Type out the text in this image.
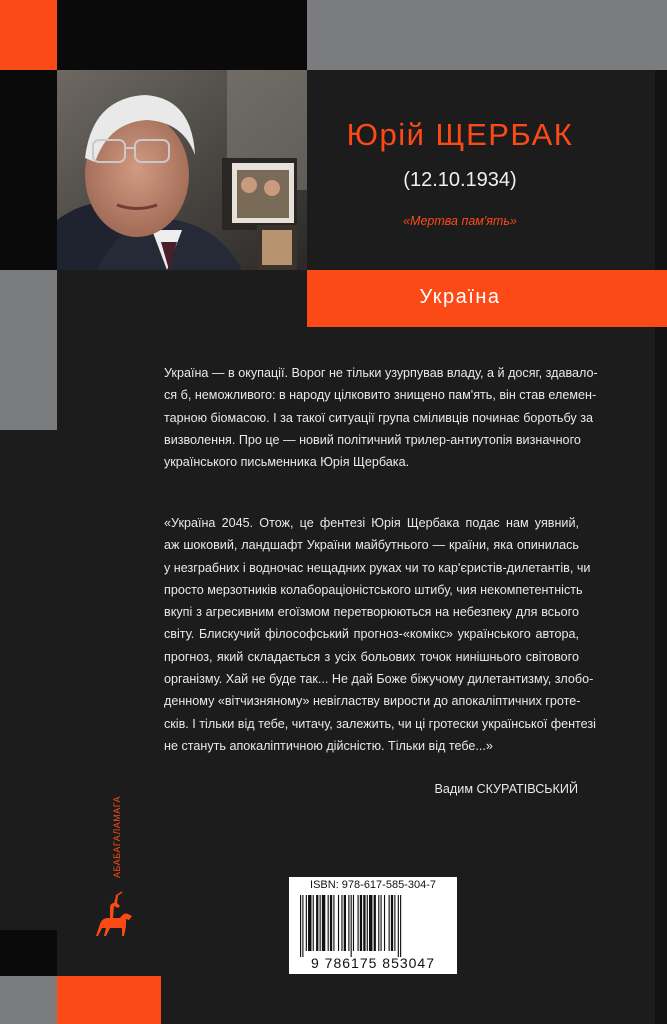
Юрій ЩЕРБАК
(12.10.1934)
«Мертва пам'ять»
Україна
Україна — в окупації. Ворог не тільки узурпував владу, а й досяг, здавало-
ся б, неможливого: в народу цілковито знищено пам'ять, він став елемен-
тарною біомасою. І за такої ситуації група сміливців починає боротьбу за
визволення. Про це — новий політичний трилер-антиутопія визначного
українського письменника Юрія Щербака.
«Україна 2045. Отож, це фентезі Юрія Щербака подає нам уявний,
аж шоковий, ландшафт України майбутнього — країни, яка опинилась
у незграбних і водночас нещадних руках чи то кар'єристів-дилетантів, чи
просто мерзотників колабораціоністського штибу, чия некомпетентність
вкупі з агресивним егоїзмом перетворюються на небезпеку для всього
світу. Блискучий філософський прогноз-«комікс» українського автора,
прогноз, який складається з усіх больових точок нинішнього світового
організму. Хай не буде так... Не дай Боже біжучому дилетантизму, злобо-
денному «вітчизняному» невігластву вирости до апокаліптичних гроте-
сків. І тільки від тебе, читачу, залежить, чи ці гротески української фентезі
не стануть апокаліптичною дійсністю. Тільки від тебе...»
Вадим СКУРАТІВСЬКИЙ
АБАБАГАЛАМАГА
ISBN: 978-617-585-304-7
9 786175 853047
